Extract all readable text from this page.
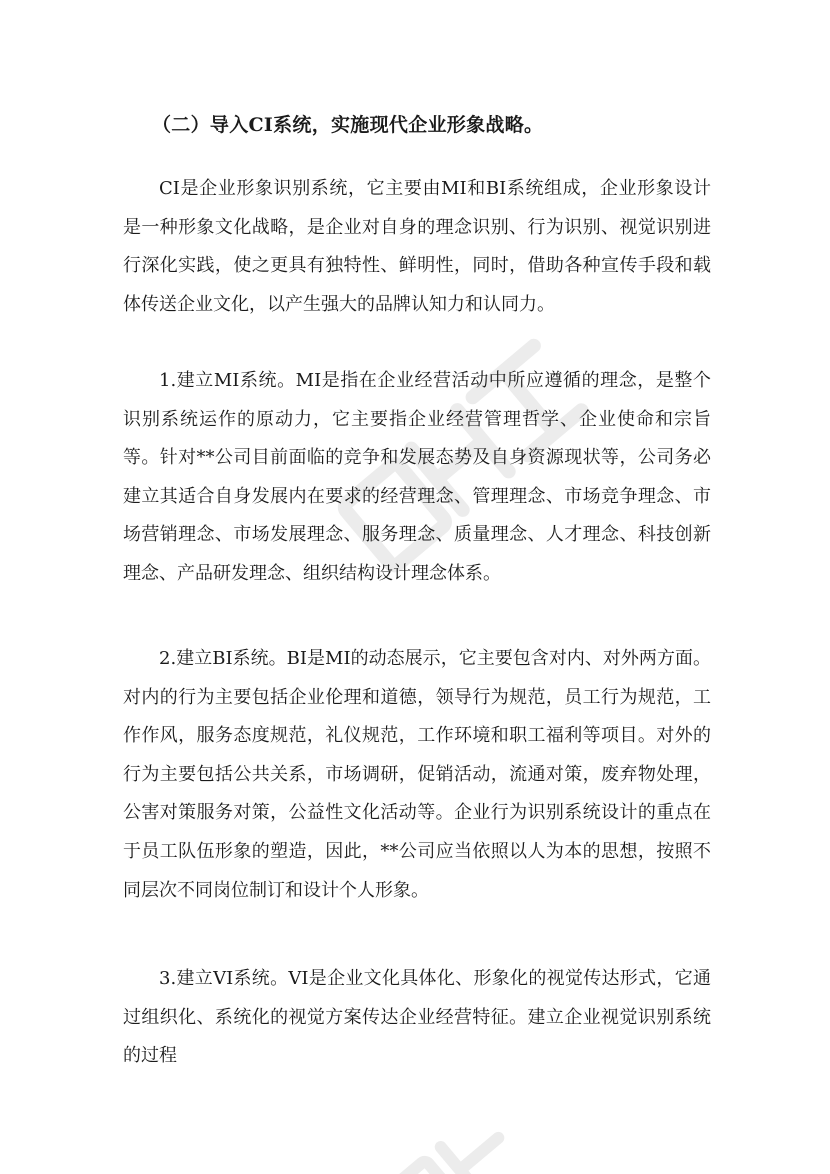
（二）导入CI系统，实施现代企业形象战略。

CI是企业形象识别系统，它主要由MI和BI系统组成，企业形象设计是一种形象文化战略，是企业对自身的理念识别、行为识别、视觉识别进行深化实践，使之更具有独特性、鲜明性，同时，借助各种宣传手段和载体传送企业文化，以产生强大的品牌认知力和认同力。

1.建立MI系统。MI是指在企业经营活动中所应遵循的理念，是整个识别系统运作的原动力，它主要指企业经营管理哲学、企业使命和宗旨等。针对**公司目前面临的竞争和发展态势及自身资源现状等，公司务必建立其适合自身发展内在要求的经营理念、管理理念、市场竞争理念、市场营销理念、市场发展理念、服务理念、质量理念、人才理念、科技创新理念、产品研发理念、组织结构设计理念体系。

2.建立BI系统。BI是MI的动态展示，它主要包含对内、对外两方面。对内的行为主要包括企业伦理和道德，领导行为规范，员工行为规范，工作作风，服务态度规范，礼仪规范，工作环境和职工福利等项目。对外的行为主要包括公共关系，市场调研，促销活动，流通对策，废弃物处理，公害对策服务对策，公益性文化活动等。企业行为识别系统设计的重点在于员工队伍形象的塑造，因此，**公司应当依照以人为本的思想，按照不同层次不同岗位制订和设计个人形象。

3.建立VI系统。VI是企业文化具体化、形象化的视觉传达形式，它通过组织化、系统化的视觉方案传达企业经营特征。建立企业视觉识别系统的过程
